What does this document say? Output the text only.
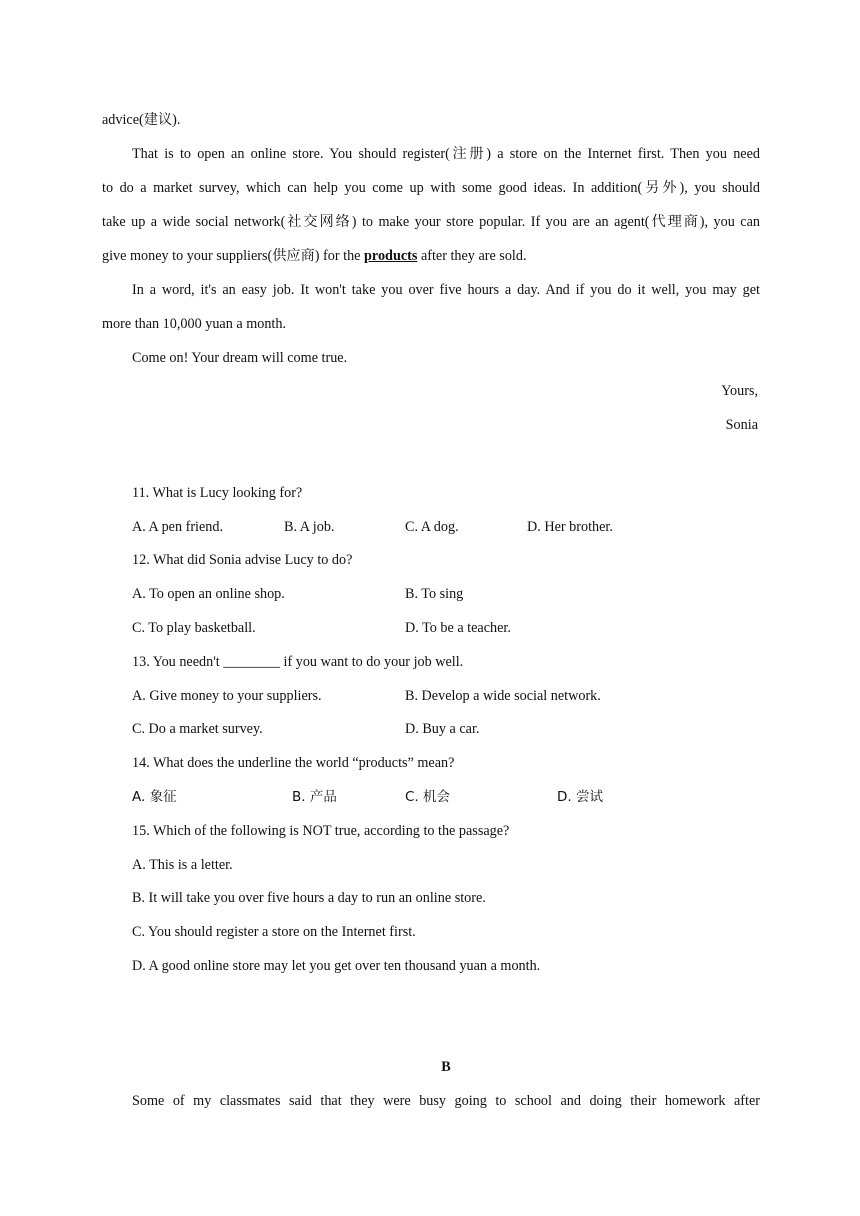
advice(建议).
That is to open an online store. You should register(注册) a store on the Internet first. Then you need
to do a market survey, which can help you come up with some good ideas. In addition(另外), you should
take up a wide social network(社交网络) to make your store popular. If you are an agent(代理商), you can
give money to your suppliers(供应商) for the products after they are sold.
In a word, it's an easy job. It won't take you over five hours a day. And if you do it well, you may get
more than 10,000 yuan a month.
Come on! Your dream will come true.
Yours,
Sonia
11. What is Lucy looking for?
A. A pen friend.	B. A job.	C. A dog.	D. Her brother.
12. What did Sonia advise Lucy to do?
A. To open an online shop.	B. To sing
C. To play basketball.	D. To be a teacher.
13. You needn't ________ if you want to do your job well.
A. Give money to your suppliers.	B. Develop a wide social network.
C. Do a market survey.	D. Buy a car.
14. What does the underline the world “products” mean?
A. 象征	B. 产品	C. 机会	D. 尝试
15. Which of the following is NOT true, according to the passage?
A. This is a letter.
B. It will take you over five hours a day to run an online store.
C. You should register a store on the Internet first.
D. A good online store may let you get over ten thousand yuan a month.
B
Some of my classmates said that they were busy going to school and doing their homework after
